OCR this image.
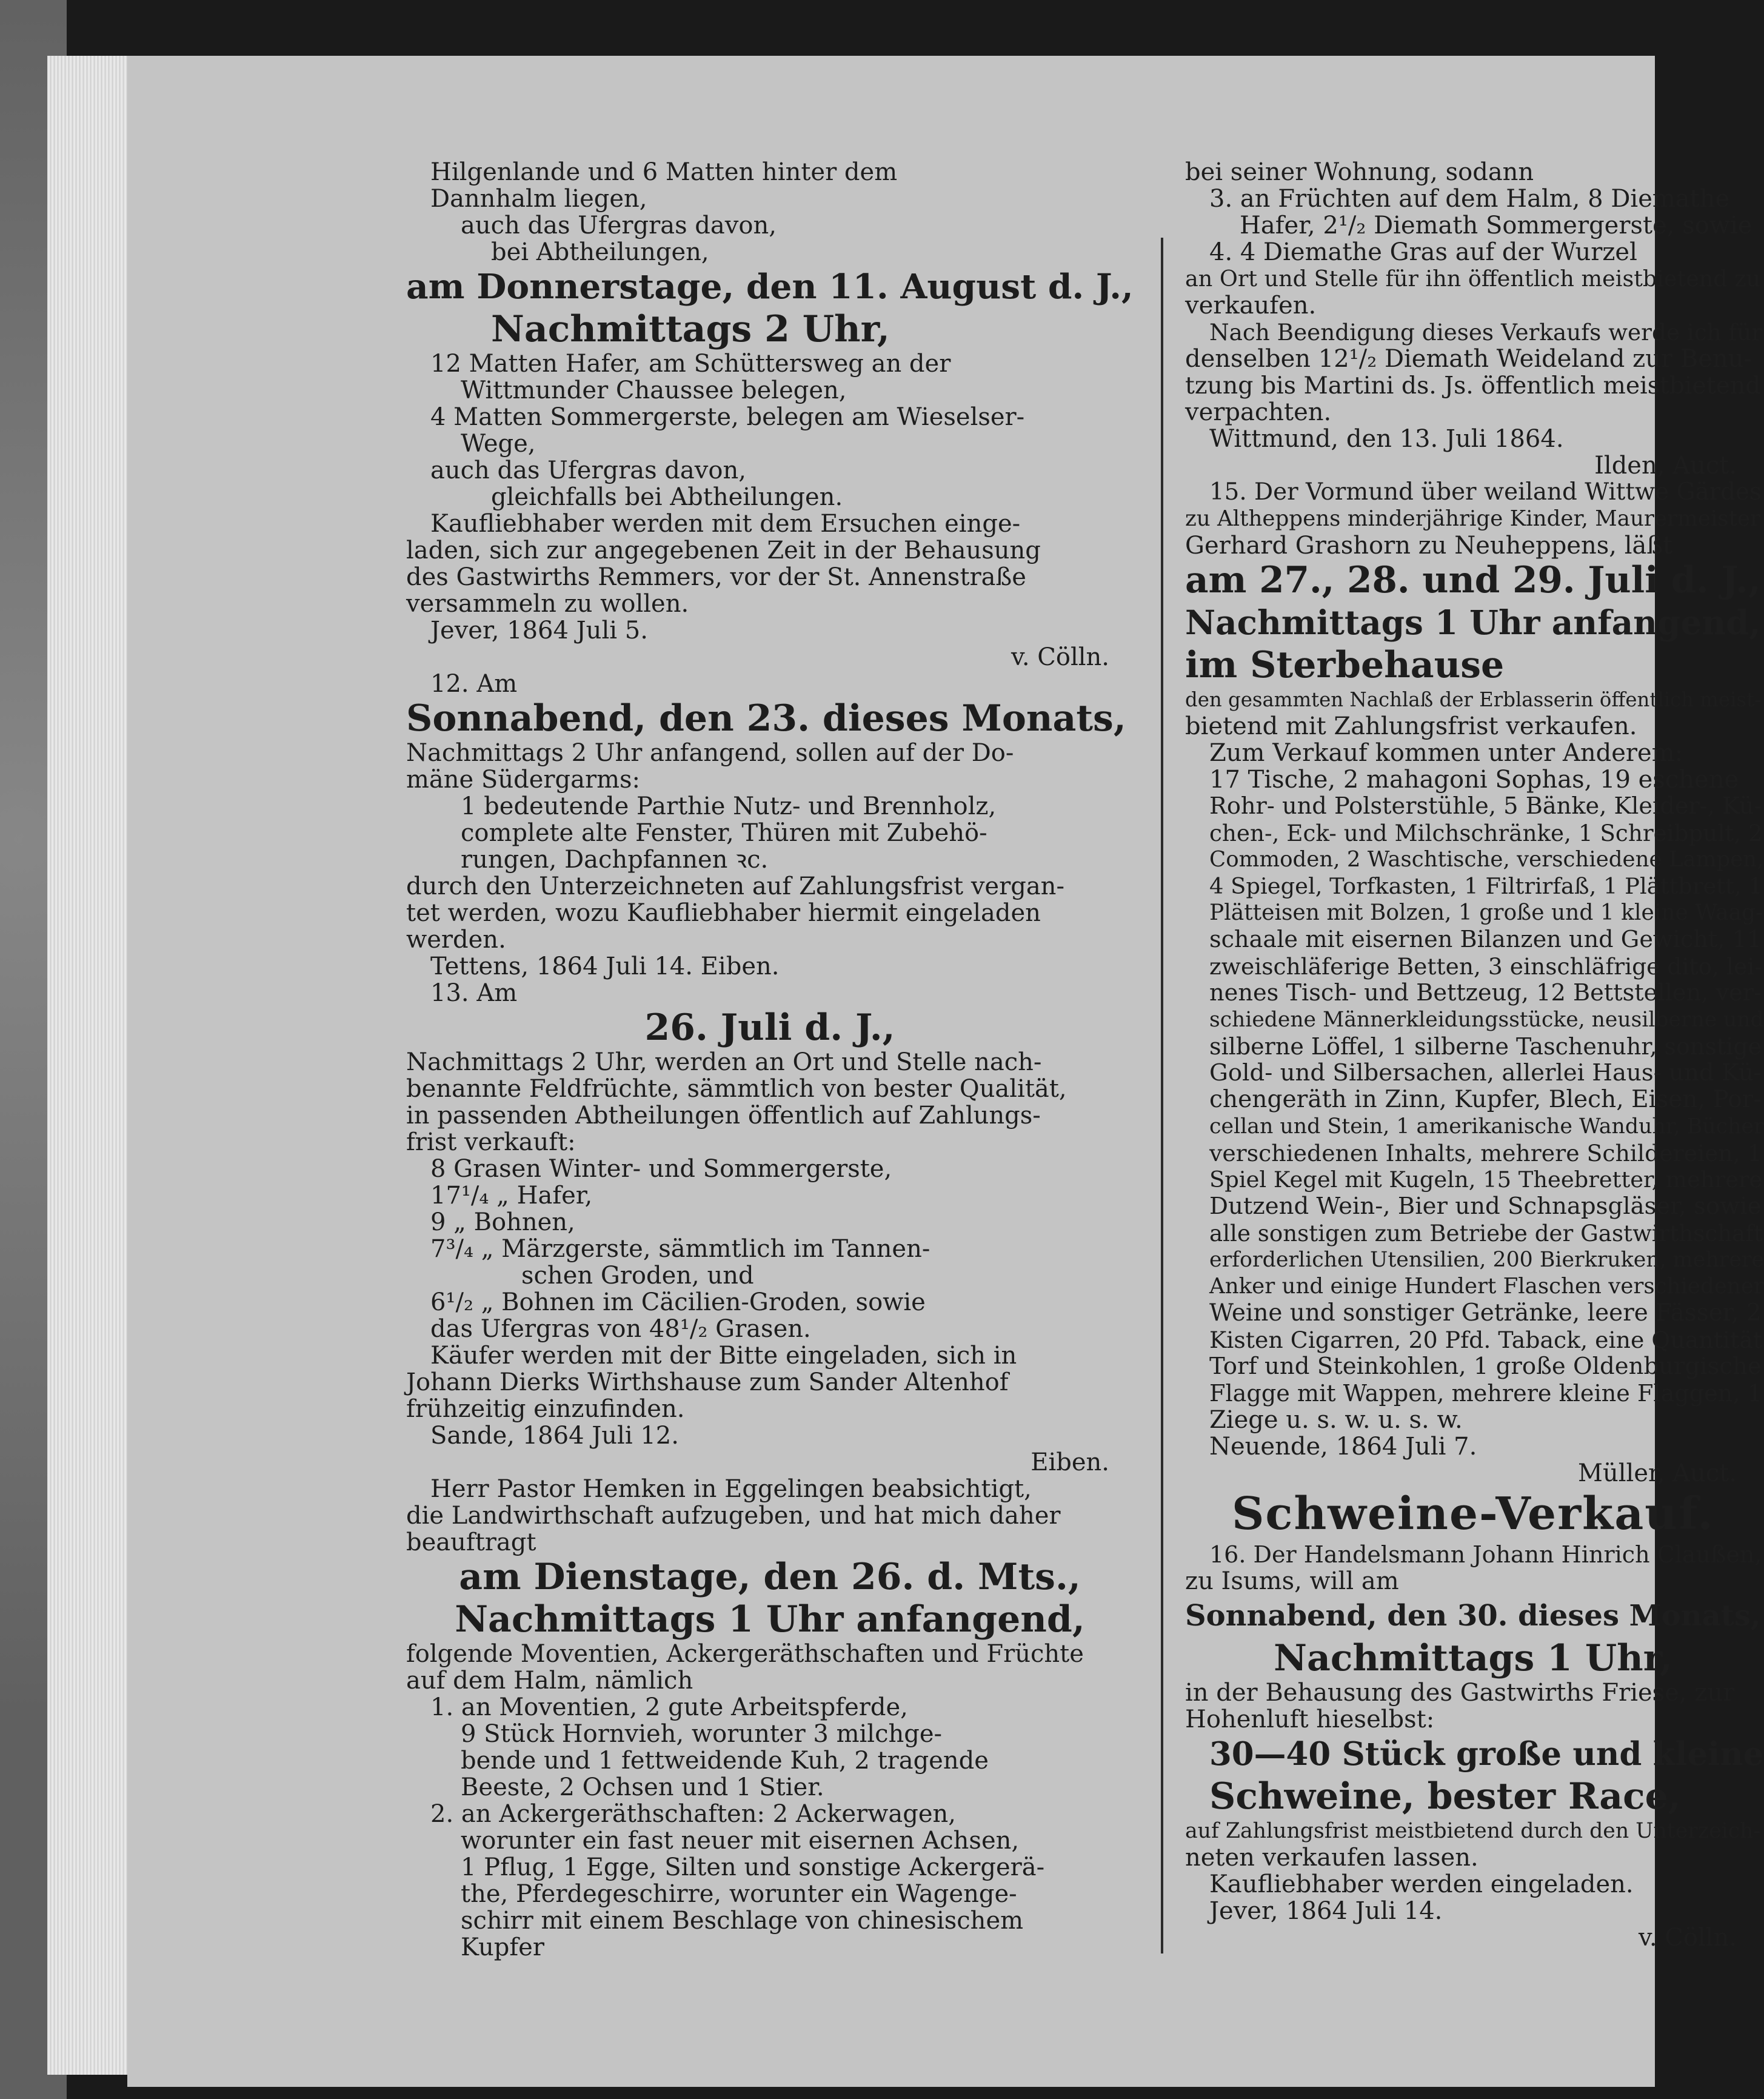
Hilgenlande und 6 Matten hinter dem
Dannhalm liegen,
auch das Ufergras davon,
bei Abtheilungen,
am Donnerstage, den 11. August d. J.,
Nachmittags 2 Uhr,
12 Matten Hafer, am Schüttersweg an der
Wittmunder Chaussee belegen,
4 Matten Sommergerste, belegen am Wieselser-
Wege,
auch das Ufergras davon,
gleichfalls bei Abtheilungen.
Kaufliebhaber werden mit dem Ersuchen einge-
laden, sich zur angegebenen Zeit in der Behausung
des Gastwirths Remmers, vor der St. Annenstraße
versammeln zu wollen.
Jever, 1864 Juli 5.
v. Cölln.
12. Am
Sonnabend, den 23. dieses Monats,
Nachmittags 2 Uhr anfangend, sollen auf der Do-
mäne Südergarms:
1 bedeutende Parthie Nutz- und Brennholz,
complete alte Fenster, Thüren mit Zubehö-
rungen, Dachpfannen ꝛc.
durch den Unterzeichneten auf Zahlungsfrist vergan-
tet werden, wozu Kaufliebhaber hiermit eingeladen
werden.
Tettens, 1864 Juli 14. Eiben.
13. Am
26. Juli d. J.,
Nachmittags 2 Uhr, werden an Ort und Stelle nach-
benannte Feldfrüchte, sämmtlich von bester Qualität,
in passenden Abtheilungen öffentlich auf Zahlungs-
frist verkauft:
8 Grasen Winter- und Sommergerste,
17¹/₄ „ Hafer,
9 „ Bohnen,
7³/₄ „ Märzgerste, sämmtlich im Tannen-
schen Groden, und
6¹/₂ „ Bohnen im Cäcilien-Groden, sowie
das Ufergras von 48¹/₂ Grasen.
Käufer werden mit der Bitte eingeladen, sich in
Johann Dierks Wirthshause zum Sander Altenhof
frühzeitig einzufinden.
Sande, 1864 Juli 12.
Eiben.
Herr Pastor Hemken in Eggelingen beabsichtigt,
die Landwirthschaft aufzugeben, und hat mich daher
beauftragt
am Dienstage, den 26. d. Mts.,
Nachmittags 1 Uhr anfangend,
folgende Moventien, Ackergeräthschaften und Früchte
auf dem Halm, nämlich
1. an Moventien, 2 gute Arbeitspferde,
9 Stück Hornvieh, worunter 3 milchge-
bende und 1 fettweidende Kuh, 2 tragende
Beeste, 2 Ochsen und 1 Stier.
2. an Ackergeräthschaften: 2 Ackerwagen,
worunter ein fast neuer mit eisernen Achsen,
1 Pflug, 1 Egge, Silten und sonstige Ackergerä-
the, Pferdegeschirre, worunter ein Wagenge-
schirr mit einem Beschlage von chinesischem
Kupfer
bei seiner Wohnung, sodann
3. an Früchten auf dem Halm, 8 Diemathe
Hafer, 2¹/₂ Diemath Sommergerste, sowie
4. 4 Diemathe Gras auf der Wurzel
an Ort und Stelle für ihn öffentlich meistbietend zu
verkaufen.
Nach Beendigung dieses Verkaufs werde ich für
denselben 12¹/₂ Diemath Weideland zur Benu-
tzung bis Martini ds. Js. öffentlich meistbietend
verpachten.
Wittmund, den 13. Juli 1864.
Ilden, Auct.
15. Der Vormund über weiland Wittwe Gärdes
zu Altheppens minderjährige Kinder, Maurermeister
Gerhard Grashorn zu Neuheppens, läßt
am 27., 28. und 29. Juli d. J.,
Nachmittags 1 Uhr anfangend,
im Sterbehause
den gesammten Nachlaß der Erblasserin öffentlich meist-
bietend mit Zahlungsfrist verkaufen.
Zum Verkauf kommen unter Anderem:
17 Tische, 2 mahagoni Sophas, 19 eschene
Rohr- und Polsterstühle, 5 Bänke, Kleider-, Kü-
chen-, Eck- und Milchschränke, 1 Schreibpult, 2
Commoden, 2 Waschtische, verschiedene Lampen,
4 Spiegel, Torfkasten, 1 Filtrirfaß, 1 Plättbrett, 1
Plätteisen mit Bolzen, 1 große und 1 kleine Waag-
schaale mit eisernen Bilanzen und Gewicht, 11
zweischläferige Betten, 3 einschläfrige dito, lei-
nenes Tisch- und Bettzeug, 12 Bettstellen, ver-
schiedene Männerkleidungsstücke, neusilberne und
silberne Löffel, 1 silberne Taschenuhr, sonstige
Gold- und Silbersachen, allerlei Haus- und Kü-
chengeräth in Zinn, Kupfer, Blech, Eisen, Por-
cellan und Stein, 1 amerikanische Wanduhr, Bücher
verschiedenen Inhalts, mehrere Schildereien, 1
Spiel Kegel mit Kugeln, 15 Theebretter, mehrere
Dutzend Wein-, Bier und Schnapsgläser, sowie
alle sonstigen zum Betriebe der Gastwirthschaft
erforderlichen Utensilien, 200 Bierkruken, mehrere
Anker und einige Hundert Flaschen verschiedener
Weine und sonstiger Getränke, leere Fässer, 2
Kisten Cigarren, 20 Pfd. Taback, eine Quantität
Torf und Steinkohlen, 1 große Oldenburgische
Flagge mit Wappen, mehrere kleine Flaggen, 1
Ziege u. s. w. u. s. w.
Neuende, 1864 Juli 7.
Müller, Auct.
Schweine-Verkauf.
16. Der Handelsmann Johann Hinrich Claußen,
zu Isums, will am
Sonnabend, den 30. dieses Monats,
Nachmittags 1 Uhr,
in der Behausung des Gastwirths Friese, zur
Hohenluft hieselbst:
30—40 Stück große und kleine
Schweine, bester Race,
auf Zahlungsfrist meistbietend durch den Unterzeich-
neten verkaufen lassen.
Kaufliebhaber werden eingeladen.
Jever, 1864 Juli 14.
v. Cölln.
